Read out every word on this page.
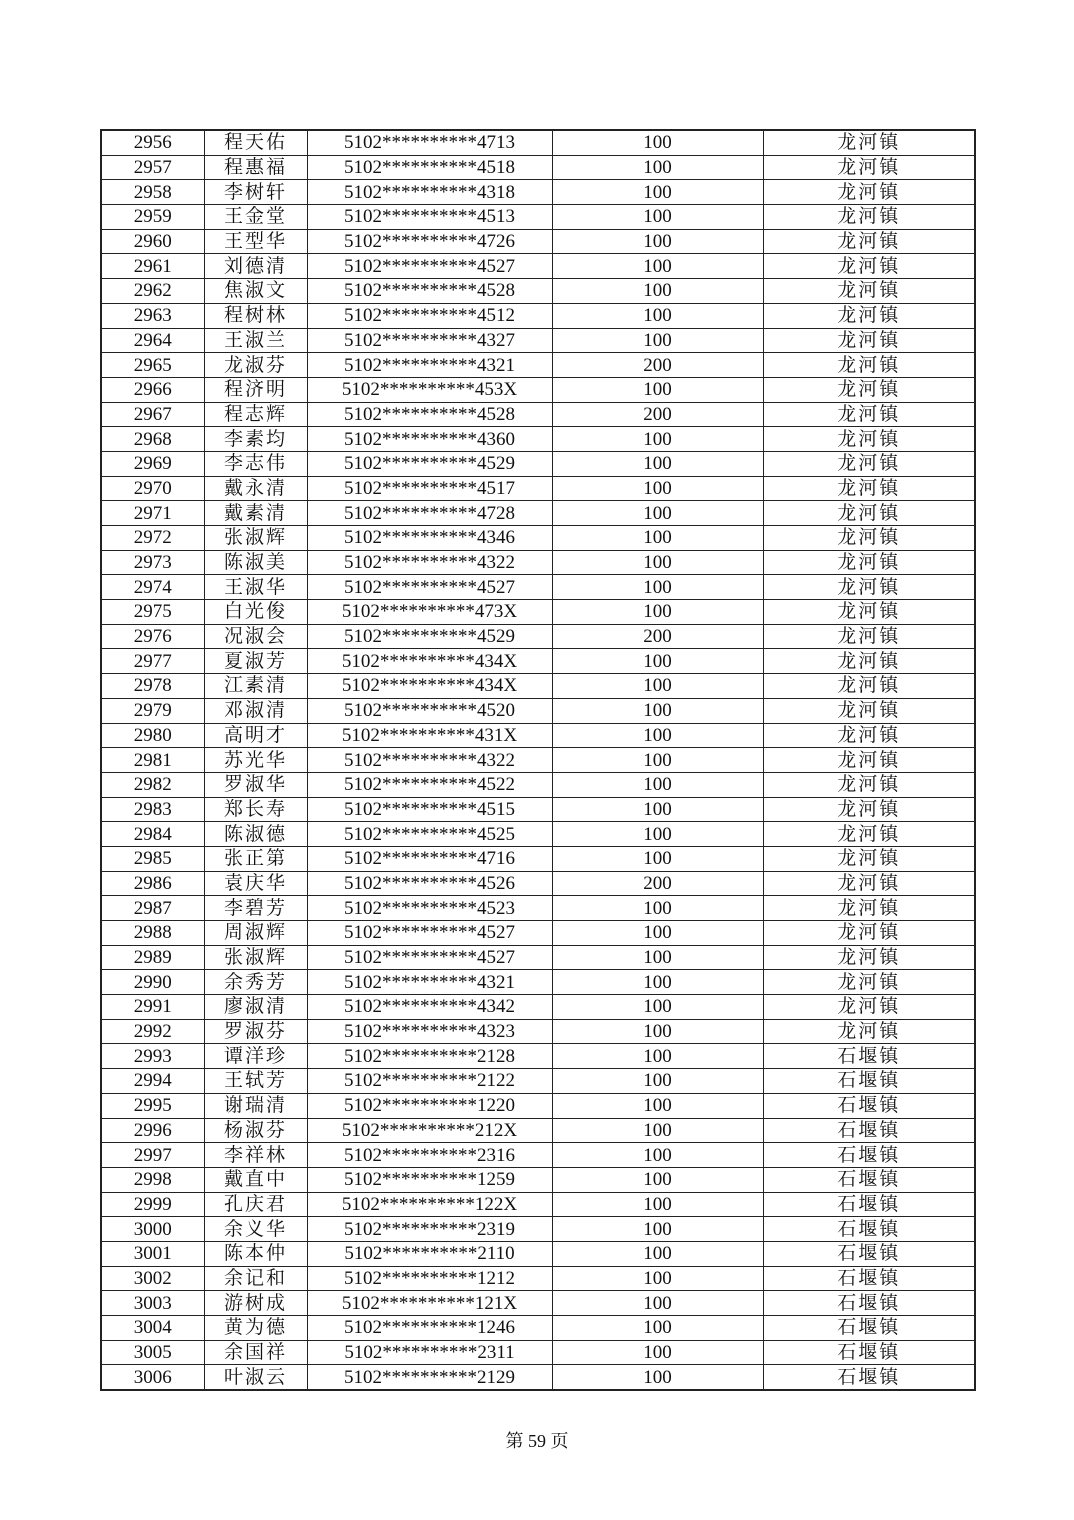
2956	程天佑	5102**********4713	100	龙河镇
2957	程惠福	5102**********4518	100	龙河镇
2958	李树轩	5102**********4318	100	龙河镇
2959	王金堂	5102**********4513	100	龙河镇
2960	王型华	5102**********4726	100	龙河镇
2961	刘德清	5102**********4527	100	龙河镇
2962	焦淑文	5102**********4528	100	龙河镇
2963	程树林	5102**********4512	100	龙河镇
2964	王淑兰	5102**********4327	100	龙河镇
2965	龙淑芬	5102**********4321	200	龙河镇
2966	程济明	5102**********453X	100	龙河镇
2967	程志辉	5102**********4528	200	龙河镇
2968	李素均	5102**********4360	100	龙河镇
2969	李志伟	5102**********4529	100	龙河镇
2970	戴永清	5102**********4517	100	龙河镇
2971	戴素清	5102**********4728	100	龙河镇
2972	张淑辉	5102**********4346	100	龙河镇
2973	陈淑美	5102**********4322	100	龙河镇
2974	王淑华	5102**********4527	100	龙河镇
2975	白光俊	5102**********473X	100	龙河镇
2976	况淑会	5102**********4529	200	龙河镇
2977	夏淑芳	5102**********434X	100	龙河镇
2978	江素清	5102**********434X	100	龙河镇
2979	邓淑清	5102**********4520	100	龙河镇
2980	高明才	5102**********431X	100	龙河镇
2981	苏光华	5102**********4322	100	龙河镇
2982	罗淑华	5102**********4522	100	龙河镇
2983	郑长寿	5102**********4515	100	龙河镇
2984	陈淑德	5102**********4525	100	龙河镇
2985	张正第	5102**********4716	100	龙河镇
2986	袁庆华	5102**********4526	200	龙河镇
2987	李碧芳	5102**********4523	100	龙河镇
2988	周淑辉	5102**********4527	100	龙河镇
2989	张淑辉	5102**********4527	100	龙河镇
2990	余秀芳	5102**********4321	100	龙河镇
2991	廖淑清	5102**********4342	100	龙河镇
2992	罗淑芬	5102**********4323	100	龙河镇
2993	谭洋珍	5102**********2128	100	石堰镇
2994	王轼芳	5102**********2122	100	石堰镇
2995	谢瑞清	5102**********1220	100	石堰镇
2996	杨淑芬	5102**********212X	100	石堰镇
2997	李祥林	5102**********2316	100	石堰镇
2998	戴直中	5102**********1259	100	石堰镇
2999	孔庆君	5102**********122X	100	石堰镇
3000	余义华	5102**********2319	100	石堰镇
3001	陈本仲	5102**********2110	100	石堰镇
3002	余记和	5102**********1212	100	石堰镇
3003	游树成	5102**********121X	100	石堰镇
3004	黄为德	5102**********1246	100	石堰镇
3005	余国祥	5102**********2311	100	石堰镇
3006	叶淑云	5102**********2129	100	石堰镇
第 59 页
